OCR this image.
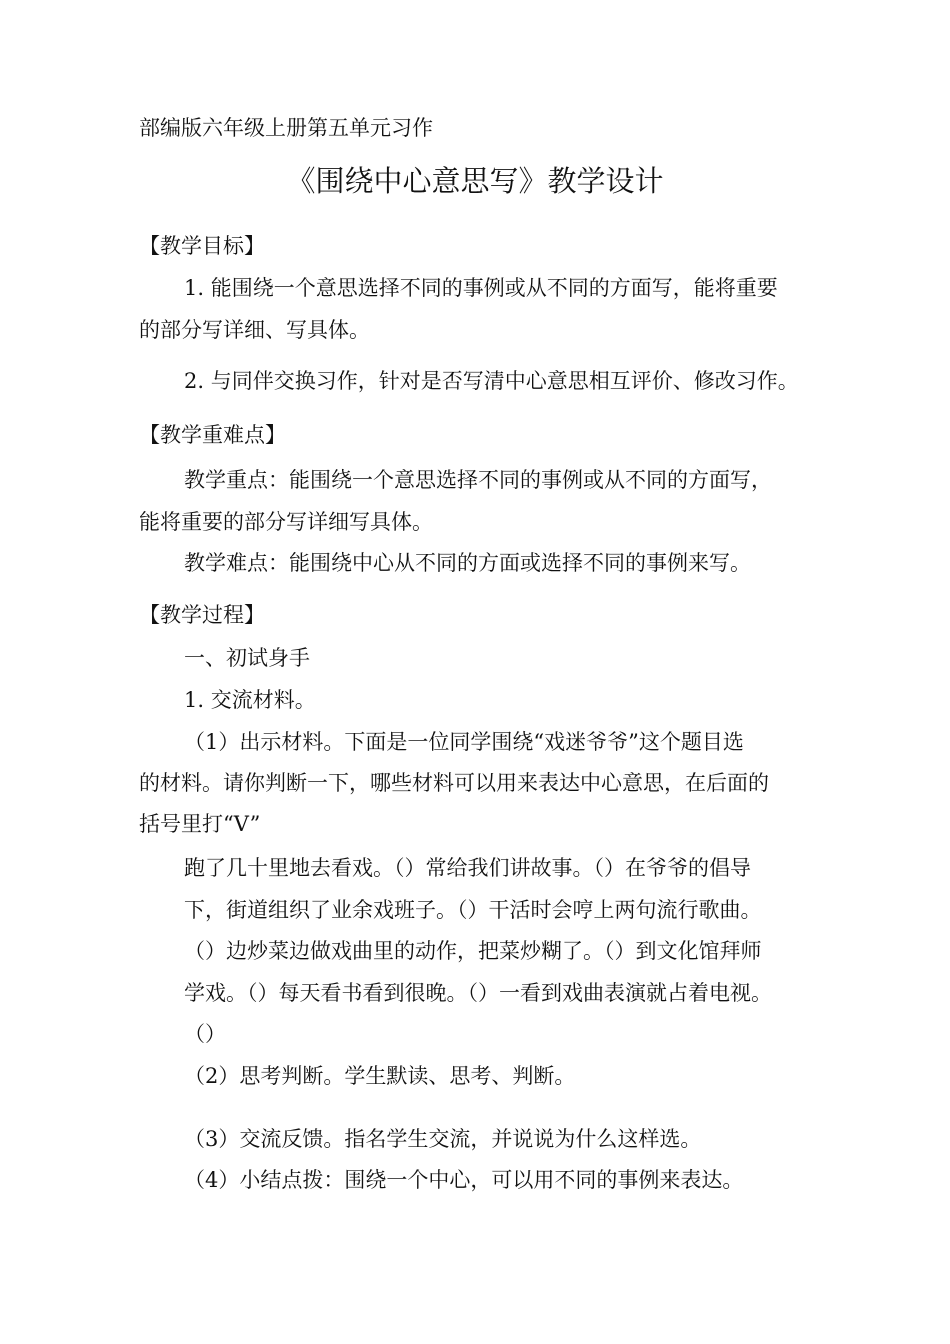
部编版六年级上册第五单元习作
《围绕中心意思写》教学设计
【教学目标】
1. 能围绕一个意思选择不同的事例或从不同的方面写，能将重要
的部分写详细、写具体。
2. 与同伴交换习作，针对是否写清中心意思相互评价、修改习作。
【教学重难点】
教学重点：能围绕一个意思选择不同的事例或从不同的方面写，
能将重要的部分写详细写具体。
教学难点：能围绕中心从不同的方面或选择不同的事例来写。
【教学过程】
一、初试身手
1. 交流材料。
（1）出示材料。下面是一位同学围绕“戏迷爷爷”这个题目选
的材料。请你判断一下，哪些材料可以用来表达中心意思，在后面的
括号里打“V”
跑了几十里地去看戏。（）常给我们讲故事。（）在爷爷的倡导
下，街道组织了业余戏班子。（）干活时会哼上两句流行歌曲。
（）边炒菜边做戏曲里的动作，把菜炒糊了。（）到文化馆拜师
学戏。（）每天看书看到很晚。（）一看到戏曲表演就占着电视。
（）
（2）思考判断。学生默读、思考、判断。
（3）交流反馈。指名学生交流，并说说为什么这样选。
（4）小结点拨：围绕一个中心，可以用不同的事例来表达。
